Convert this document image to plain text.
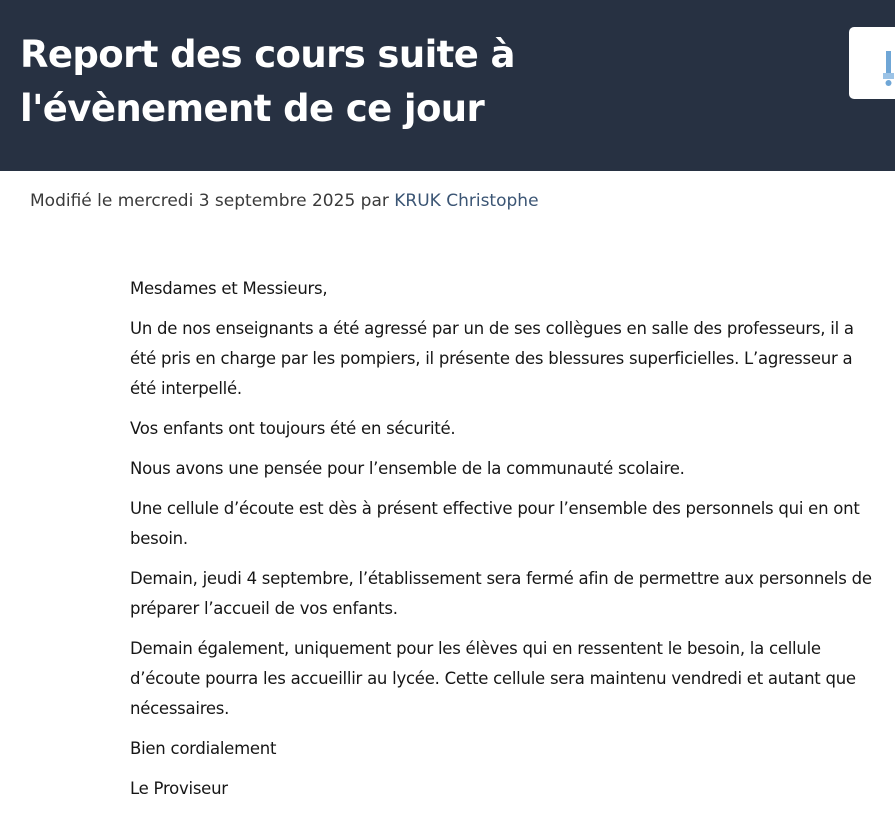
Report des cours suite à
l'évènement de ce jour
Modifié le mercredi 3 septembre 2025 par KRUK Christophe

Mesdames et Messieurs,

Un de nos enseignants a été agressé par un de ses collègues en salle des professeurs, il a été pris en charge par les pompiers, il présente des blessures superficielles. L’agresseur a été interpellé.

Vos enfants ont toujours été en sécurité.

Nous avons une pensée pour l’ensemble de la communauté scolaire.

Une cellule d’écoute est dès à présent effective pour l’ensemble des personnels qui en ont besoin.

Demain, jeudi 4 septembre, l’établissement sera fermé afin de permettre aux personnels de préparer l’accueil de vos enfants.

Demain également, uniquement pour les élèves qui en ressentent le besoin, la cellule d’écoute pourra les accueillir au lycée. Cette cellule sera maintenu vendredi et autant que nécessaires.

Bien cordialement

Le Proviseur
